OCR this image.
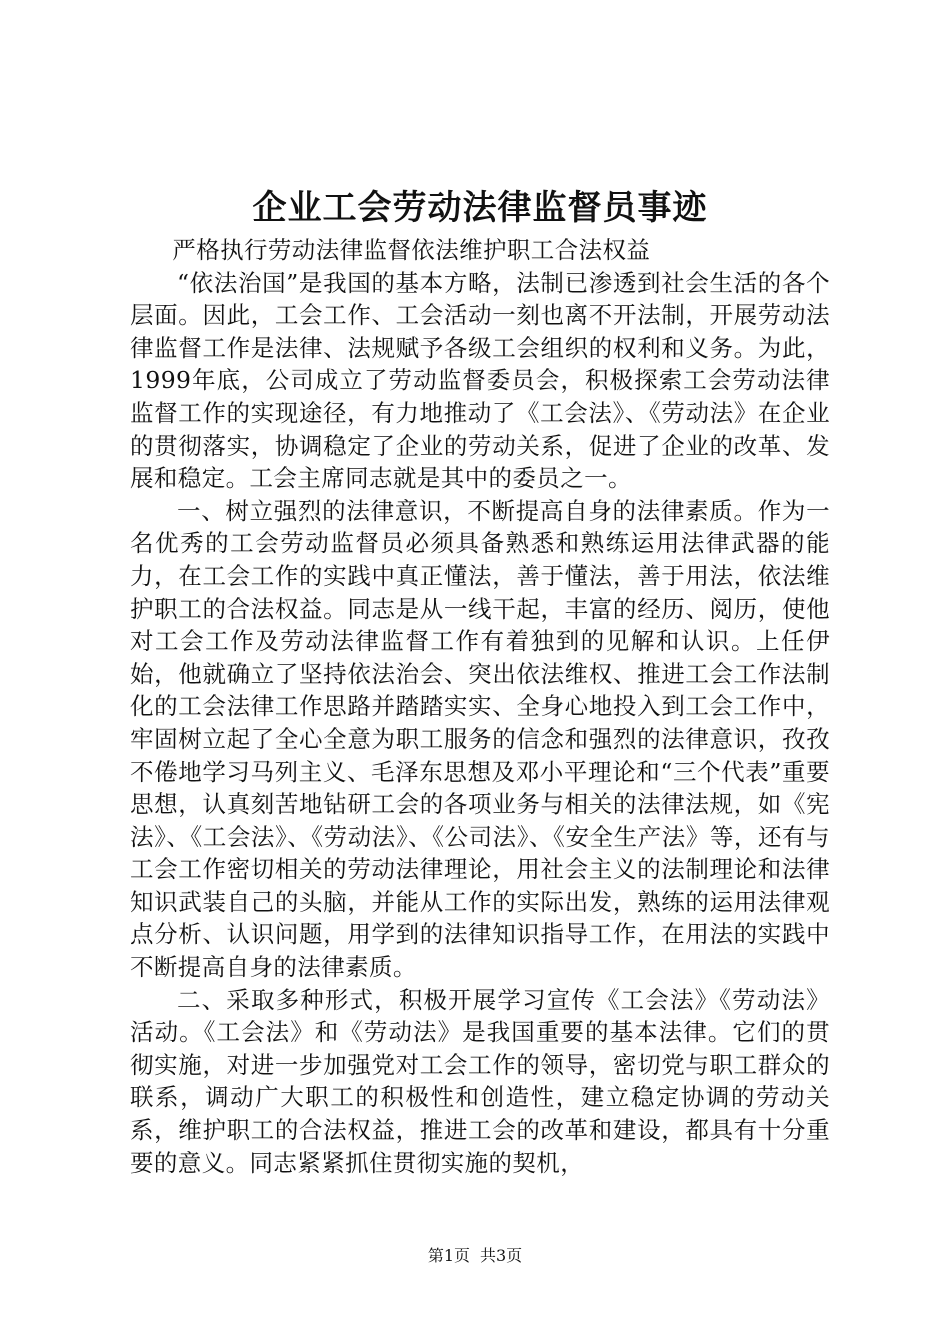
企业工会劳动法律监督员事迹

严格执行劳动法律监督依法维护职工合法权益

“依法治国”是我国的基本方略，法制已渗透到社会生活的各个层面。因此，工会工作、工会活动一刻也离不开法制，开展劳动法律监督工作是法律、法规赋予各级工会组织的权利和义务。为此，1999年底，公司成立了劳动监督委员会，积极探索工会劳动法律监督工作的实现途径，有力地推动了《工会法》、《劳动法》在企业的贯彻落实，协调稳定了企业的劳动关系，促进了企业的改革、发展和稳定。工会主席同志就是其中的委员之一。

一、树立强烈的法律意识，不断提高自身的法律素质。作为一名优秀的工会劳动监督员必须具备熟悉和熟练运用法律武器的能力，在工会工作的实践中真正懂法，善于懂法，善于用法，依法维护职工的合法权益。同志是从一线干起，丰富的经历、阅历，使他对工会工作及劳动法律监督工作有着独到的见解和认识。上任伊始，他就确立了坚持依法治会、突出依法维权、推进工会工作法制化的工会法律工作思路并踏踏实实、全身心地投入到工会工作中，牢固树立起了全心全意为职工服务的信念和强烈的法律意识，孜孜不倦地学习马列主义、毛泽东思想及邓小平理论和“三个代表”重要思想，认真刻苦地钻研工会的各项业务与相关的法律法规，如《宪法》、《工会法》、《劳动法》、《公司法》、《安全生产法》等，还有与工会工作密切相关的劳动法律理论，用社会主义的法制理论和法律知识武装自己的头脑，并能从工作的实际出发，熟练的运用法律观点分析、认识问题，用学到的法律知识指导工作，在用法的实践中不断提高自身的法律素质。

二、采取多种形式，积极开展学习宣传《工会法》《劳动法》活动。《工会法》和《劳动法》是我国重要的基本法律。它们的贯彻实施，对进一步加强党对工会工作的领导，密切党与职工群众的联系，调动广大职工的积极性和创造性，建立稳定协调的劳动关系，维护职工的合法权益，推进工会的改革和建设，都具有十分重要的意义。同志紧紧抓住贯彻实施的契机，

第1页 共3页
